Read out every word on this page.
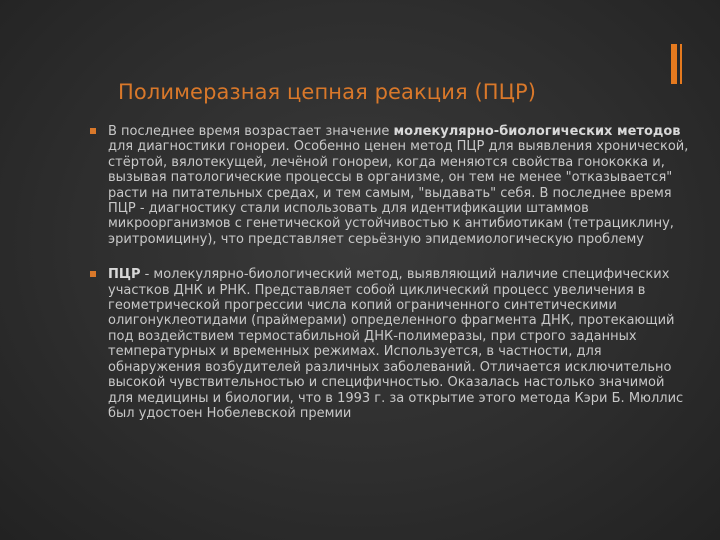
Полимеразная цепная реакция (ПЦР)

В последнее время возрастает значение молекулярно-биологических методов для диагностики гонореи. Особенно ценен метод ПЦР для выявления хронической, стёртой, вялотекущей, лечёной гонореи, когда меняются свойства гонококка и, вызывая патологические процессы в организме, он тем не менее "отказывается" расти на питательных средах, и тем самым, "выдавать" себя. В последнее время ПЦР - диагностику стали использовать для идентификации штаммов микроорганизмов с генетической устойчивостью к антибиотикам (тетрациклину, эритромицину), что представляет серьёзную эпидемиологическую проблему

ПЦР - молекулярно-биологический метод, выявляющий наличие специфических участков ДНК и РНК. Представляет собой циклический процесс увеличения в геометрической прогрессии числа копий ограниченного синтетическими олигонуклеотидами (праймерами) определенного фрагмента ДНК, протекающий под воздействием термостабильной ДНК-полимеразы, при строго заданных температурных и временных режимах. Используется, в частности, для обнаружения возбудителей различных заболеваний. Отличается исключительно высокой чувствительностью и специфичностью. Оказалась настолько значимой для медицины и биологии, что в 1993 г. за открытие этого метода Кэри Б. Мюллис был удостоен Нобелевской премии
